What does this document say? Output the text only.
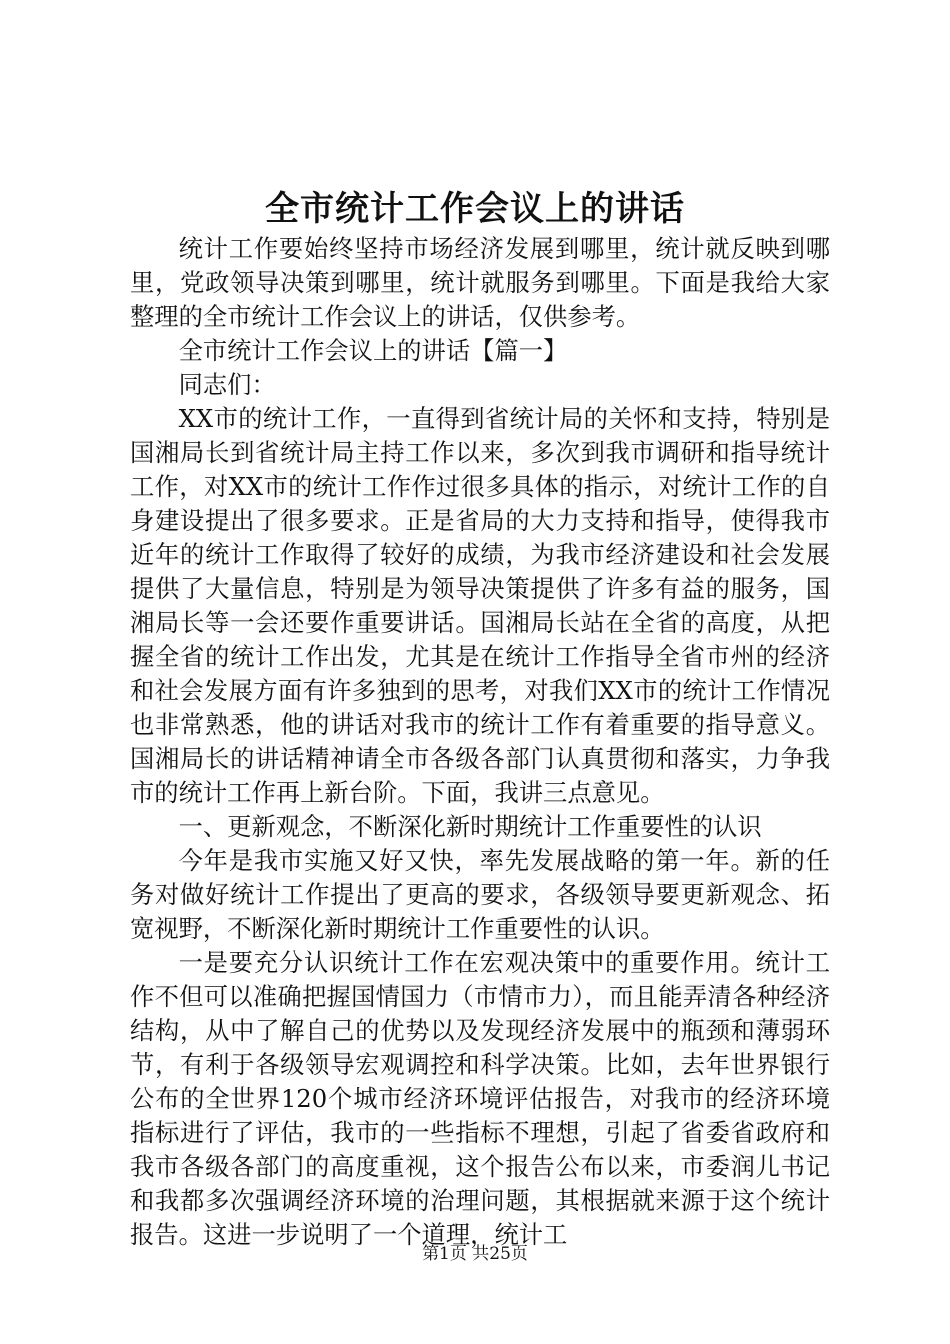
全市统计工作会议上的讲话

统计工作要始终坚持市场经济发展到哪里，统计就反映到哪里，党政领导决策到哪里，统计就服务到哪里。下面是我给大家整理的全市统计工作会议上的讲话，仅供参考。

全市统计工作会议上的讲话【篇一】

同志们：

XX市的统计工作，一直得到省统计局的关怀和支持，特别是国湘局长到省统计局主持工作以来，多次到我市调研和指导统计工作，对XX市的统计工作作过很多具体的指示，对统计工作的自身建设提出了很多要求。正是省局的大力支持和指导，使得我市近年的统计工作取得了较好的成绩，为我市经济建设和社会发展提供了大量信息，特别是为领导决策提供了许多有益的服务，国湘局长等一会还要作重要讲话。国湘局长站在全省的高度，从把握全省的统计工作出发，尤其是在统计工作指导全省市州的经济和社会发展方面有许多独到的思考，对我们XX市的统计工作情况也非常熟悉，他的讲话对我市的统计工作有着重要的指导意义。国湘局长的讲话精神请全市各级各部门认真贯彻和落实，力争我市的统计工作再上新台阶。下面，我讲三点意见。

一、更新观念，不断深化新时期统计工作重要性的认识

今年是我市实施又好又快，率先发展战略的第一年。新的任务对做好统计工作提出了更高的要求，各级领导要更新观念、拓宽视野，不断深化新时期统计工作重要性的认识。

一是要充分认识统计工作在宏观决策中的重要作用。统计工作不但可以准确把握国情国力（市情市力），而且能弄清各种经济结构，从中了解自己的优势以及发现经济发展中的瓶颈和薄弱环节，有利于各级领导宏观调控和科学决策。比如，去年世界银行公布的全世界120个城市经济环境评估报告，对我市的经济环境指标进行了评估，我市的一些指标不理想，引起了省委省政府和我市各级各部门的高度重视，这个报告公布以来，市委润儿书记和我都多次强调经济环境的治理问题，其根据就来源于这个统计报告。这进一步说明了一个道理，统计工

第1页 共25页
